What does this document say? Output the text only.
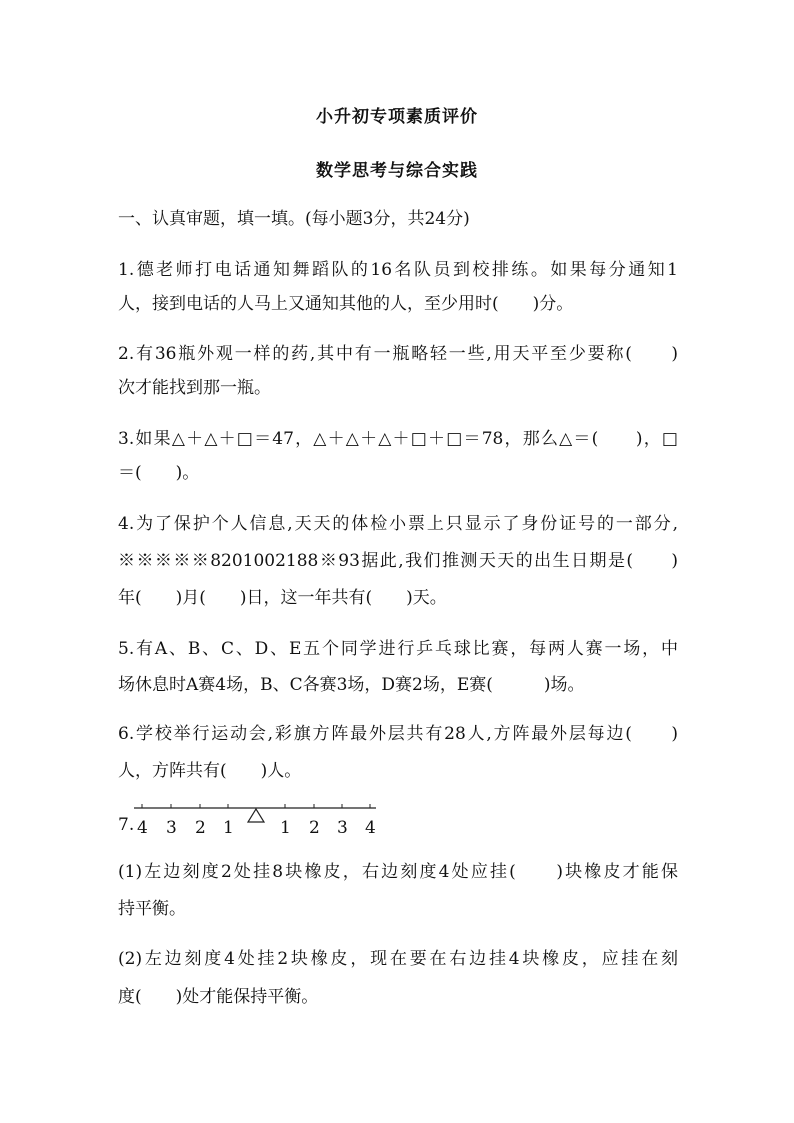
小升初专项素质评价
数学思考与综合实践
一、认真审题，填一填。(每小题3分，共24分)
1.德老师打电话通知舞蹈队的16名队员到校排练。如果每分通知1
人，接到电话的人马上又通知其他的人，至少用时(　　)分。
2.有36瓶外观一样的药,其中有一瓶略轻一些,用天平至少要称(　　)
次才能找到那一瓶。
3.如果△＋△＋□＝47，△＋△＋△＋□＋□＝78，那么△＝(　　)，□
＝(　　)。
4.为了保护个人信息,天天的体检小票上只显示了身份证号的一部分,
※※※※※8201002188※93据此,我们推测天天的出生日期是(　　)
年(　　)月(　　)日，这一年共有(　　)天。
5.有A、B、C、D、E五个同学进行乒乓球比赛，每两人赛一场，中
场休息时A赛4场，B、C各赛3场，D赛2场，E赛(　　　)场。
6.学校举行运动会,彩旗方阵最外层共有28人,方阵最外层每边(　　)
人，方阵共有(　　)人。
7. 4 3 2 1	1 2 3 4
(1)左边刻度2处挂8块橡皮，右边刻度4处应挂(　　)块橡皮才能保
持平衡。
(2)左边刻度4处挂2块橡皮，现在要在右边挂4块橡皮，应挂在刻
度(　　)处才能保持平衡。
